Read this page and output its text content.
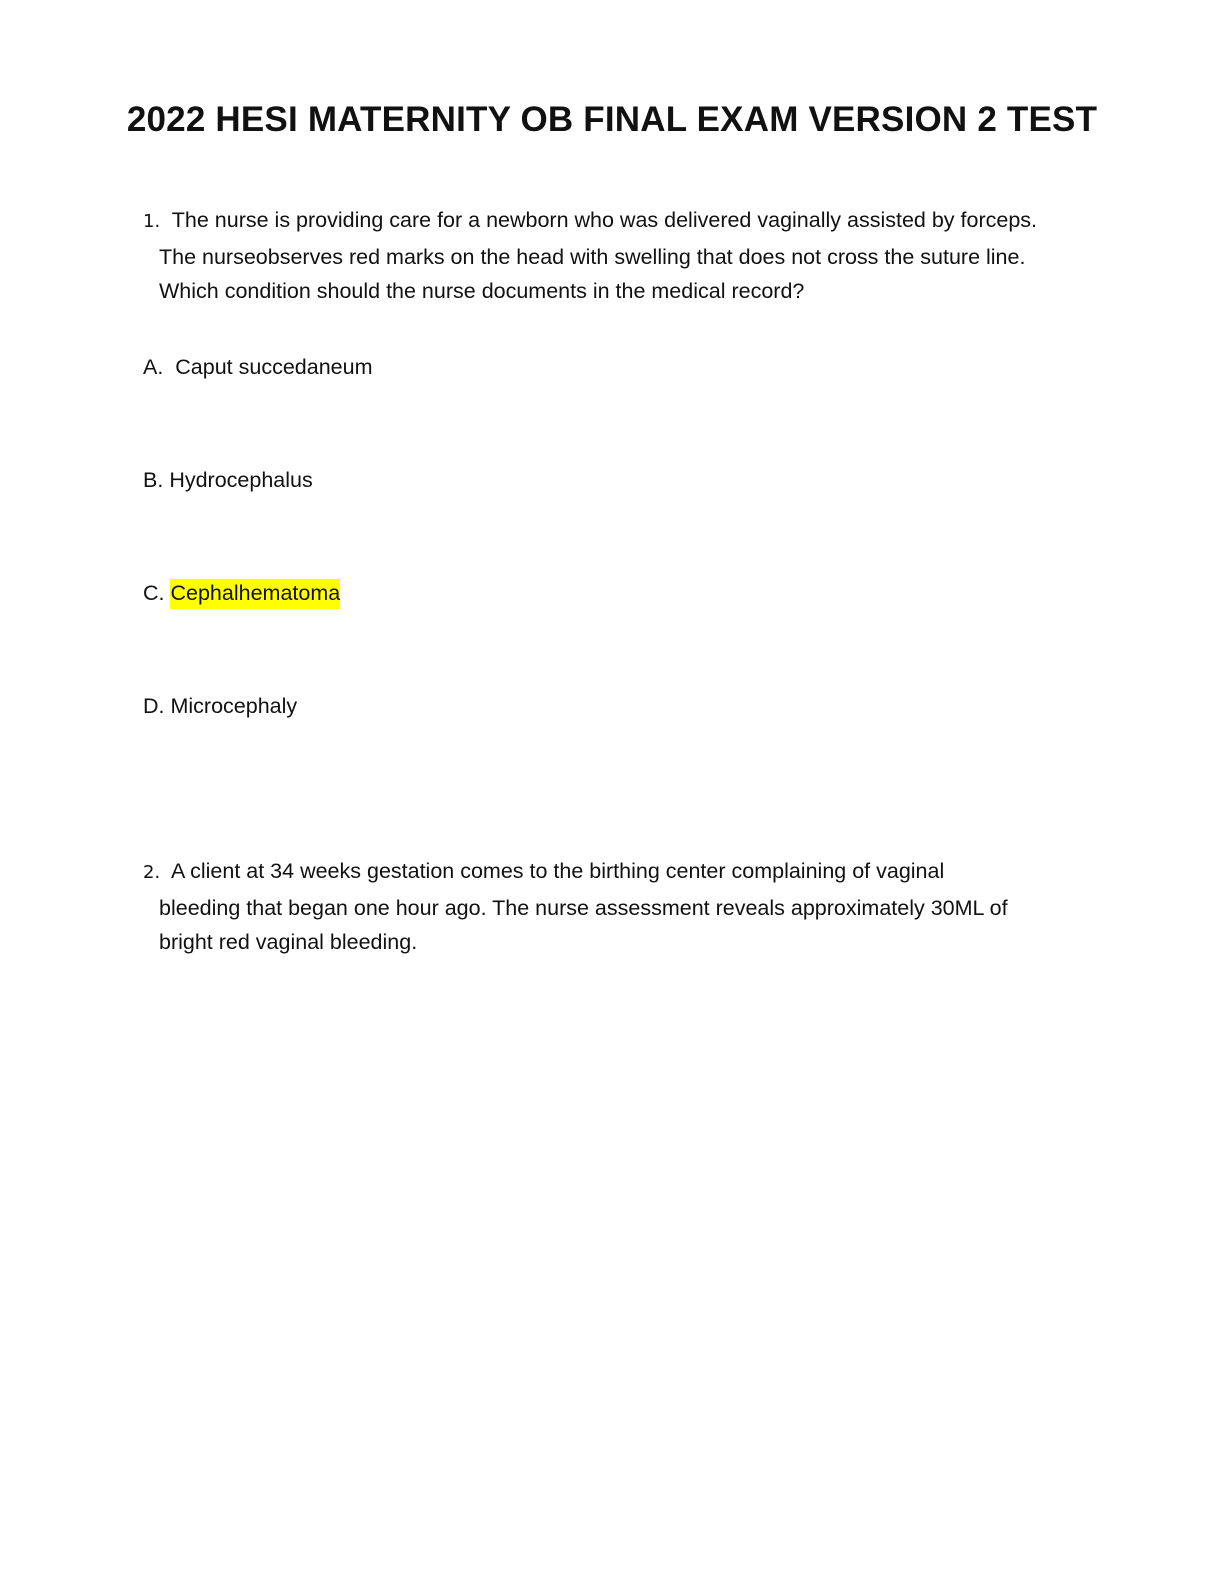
2022 HESI MATERNITY OB FINAL EXAM VERSION 2 TEST
1. The nurse is providing care for a newborn who was delivered vaginally assisted by forceps.
The nurseobserves red marks on the head with swelling that does not cross the suture line.
Which condition should the nurse documents in the medical record?
A. Caput succedaneum
B. Hydrocephalus
C. Cephalhematoma
D. Microcephaly
2. A client at 34 weeks gestation comes to the birthing center complaining of vaginal
bleeding that began one hour ago. The nurse assessment reveals approximately 30ML of
bright red vaginal bleeding.
